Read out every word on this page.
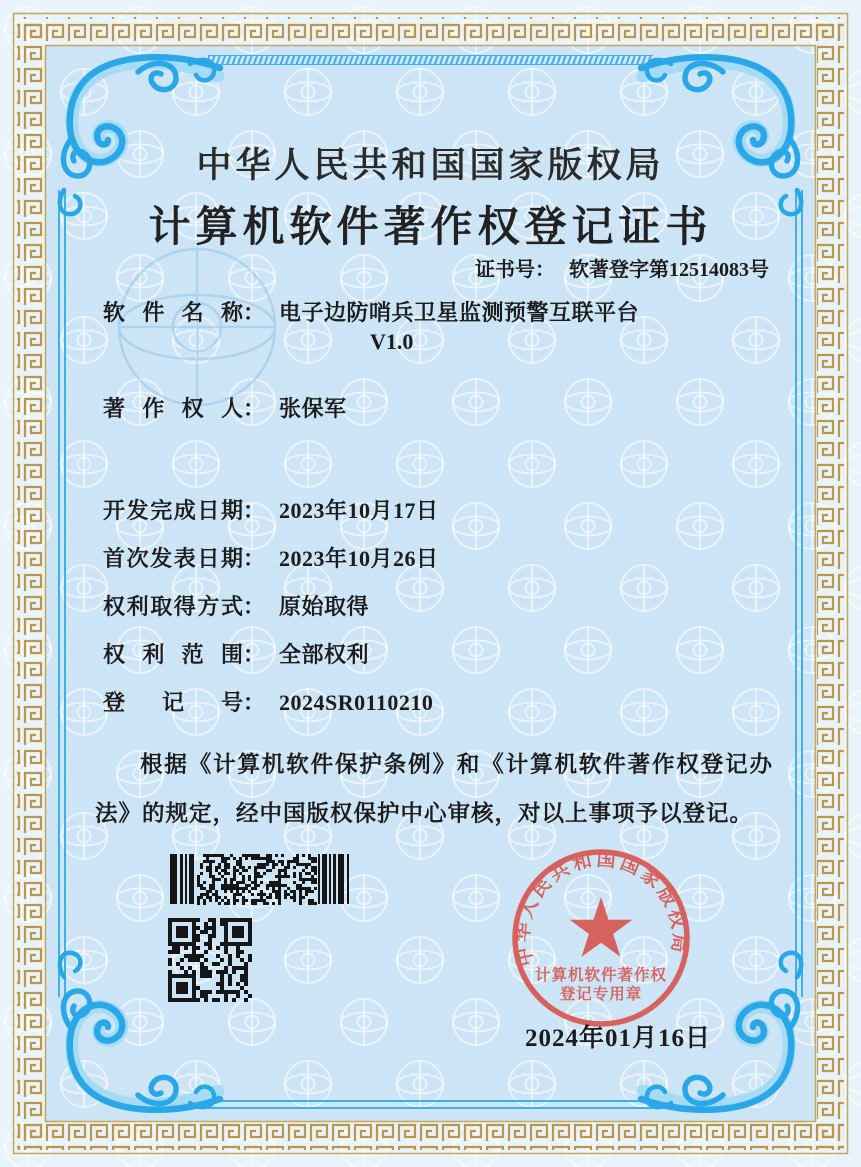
中华人民共和国国家版权局
计算机软件著作权登记证书
证书号： 软著登字第12514083号
软件名称： 电子边防哨兵卫星监测预警互联平台
V1.0
著作权人： 张保军
开发完成日期： 2023年10月17日
首次发表日期： 2023年10月26日
权利取得方式： 原始取得
权利范围： 全部权利
登记号： 2024SR0110210

根据《计算机软件保护条例》和《计算机软件著作权登记办法》的规定，经中国版权保护中心审核，对以上事项予以登记。

中华人民共和国国家版权局
计算机软件著作权
登记专用章
2024年01月16日
